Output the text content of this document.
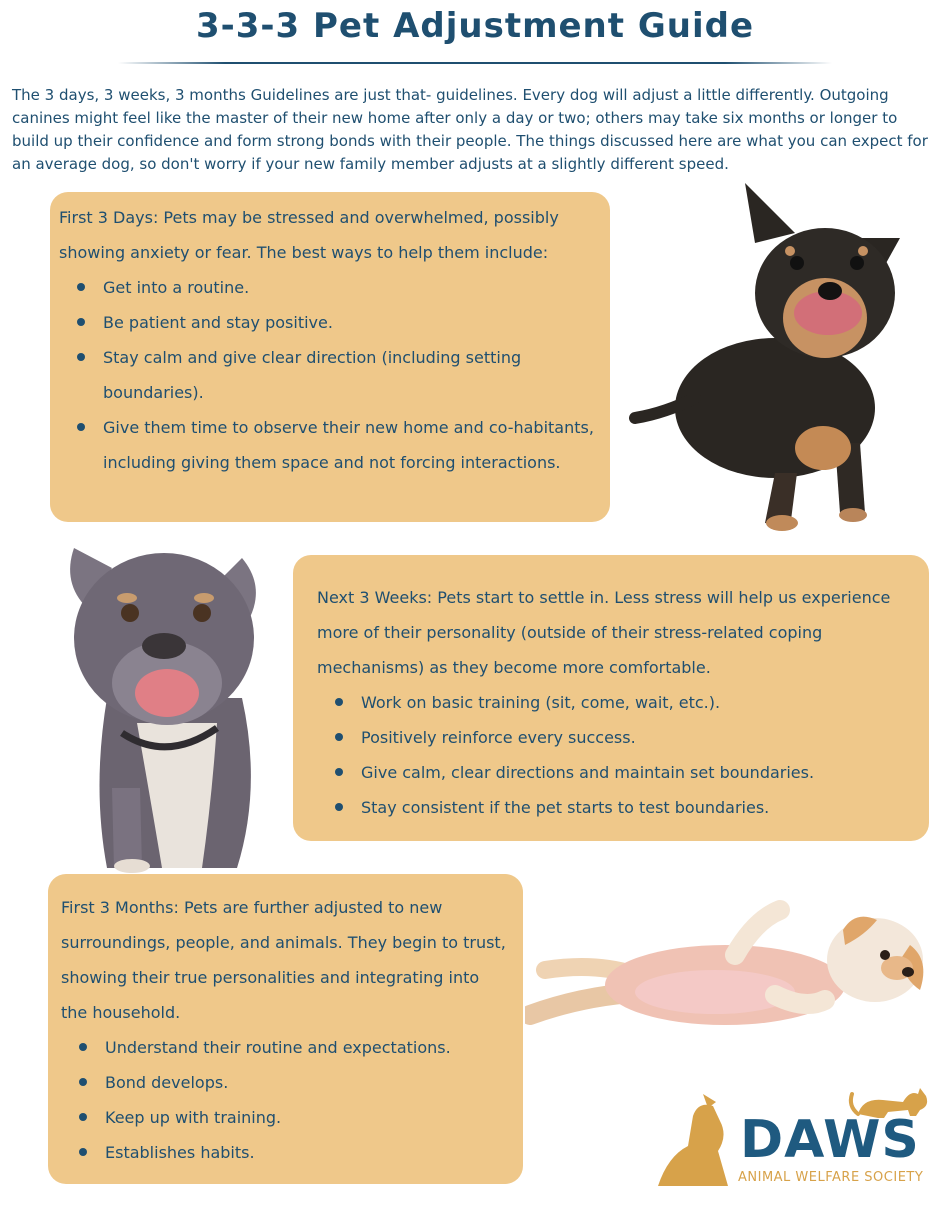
3-3-3 Pet Adjustment Guide

The 3 days, 3 weeks, 3 months Guidelines are just that- guidelines. Every dog will adjust a little differently. Outgoing canines might feel like the master of their new home after only a day or two; others may take six months or longer to build up their confidence and form strong bonds with their people. The things discussed here are what you can expect for an average dog, so don't worry if your new family member adjusts at a slightly different speed.

First 3 Days: Pets may be stressed and overwhelmed, possibly showing anxiety or fear. The best ways to help them include:

Get into a routine.
Be patient and stay positive.
Stay calm and give clear direction (including setting boundaries).
Give them time to observe their new home and co-habitants, including giving them space and not forcing interactions.

Next 3 Weeks: Pets start to settle in. Less stress will help us experience more of their personality (outside of their stress-related coping mechanisms) as they become more comfortable.

Work on basic training (sit, come, wait, etc.).
Positively reinforce every success.
Give calm, clear directions and maintain set boundaries.
Stay consistent if the pet starts to test boundaries.

First 3 Months: Pets are further adjusted to new surroundings, people, and animals. They begin to trust, showing their true personalities and integrating into the household.

Understand their routine and expectations.
Bond develops.
Keep up with training.
Establishes habits.	DAWS
ANIMAL WELFARE SOCIETY
